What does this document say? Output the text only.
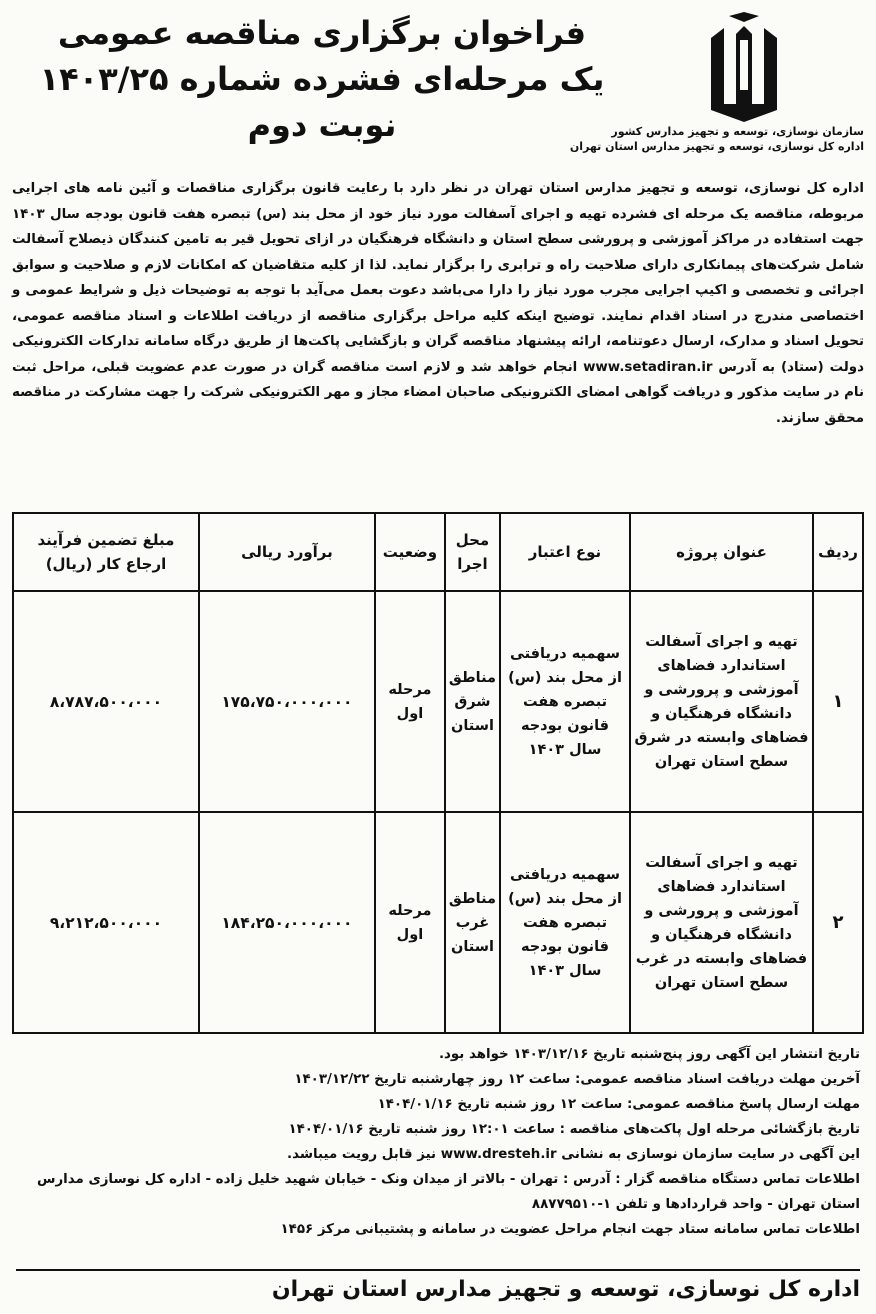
فراخوان برگزاری مناقصه عمومی
یک مرحله‌ای فشرده شماره ۱۴۰۳/۲۵
نوبت دوم	سازمان نوسازی، توسعه و تجهیز مدارس کشور
اداره کل نوسازی، توسعه و تجهیز مدارس استان تهران
اداره کل نوسازی، توسعه و تجهیز مدارس استان تهران در نظر دارد با رعایت قانون برگزاری مناقصات و آئین نامه های اجرایی مربوطه، مناقصه یک مرحله ای فشرده تهیه و اجرای آسفالت مورد نیاز خود از محل بند (س) تبصره هفت قانون بودجه سال ۱۴۰۳ جهت استفاده در مراکز آموزشی و پرورشی سطح استان و دانشگاه فرهنگیان در ازای تحویل قیر به تامین کنندگان ذیصلاح آسفالت شامل شرکت‌های پیمانکاری دارای صلاحیت راه و ترابری را برگزار نماید. لذا از کلیه متقاضیان که امکانات لازم و صلاحیت و سوابق اجرائی و تخصصی و اکیپ اجرایی مجرب مورد نیاز را دارا می‌باشد دعوت بعمل می‌آید با توجه به توضیحات ذیل و شرایط عمومی و اختصاصی مندرج در اسناد اقدام نمایند. توضیح اینکه کلیه مراحل برگزاری مناقصه از دریافت اطلاعات و اسناد مناقصه عمومی، تحویل اسناد و مدارک، ارسال دعوتنامه، ارائه پیشنهاد مناقصه گران و بازگشایی پاکت‌ها از طریق درگاه سامانه تدارکات الکترونیکی دولت (ستاد) به آدرس www.setadiran.ir انجام خواهد شد و لازم است مناقصه گران در صورت عدم عضویت قبلی، مراحل ثبت نام در سایت مذکور و دریافت گواهی امضای الکترونیکی صاحبان امضاء مجاز و مهر الکترونیکی شرکت را جهت مشارکت در مناقصه محقق سازند.
ردیف	عنوان پروژه	نوع اعتبار	محل اجرا	وضعیت	برآورد ریالی	مبلغ تضمین فرآیند ارجاع کار (ریال)
۱	تهیه و اجرای آسفالت استاندارد فضاهای آموزشی و پرورشی و دانشگاه فرهنگیان و فضاهای وابسته در شرق سطح استان تهران	سهمیه دریافتی از محل بند (س) تبصره هفت قانون بودجه سال ۱۴۰۳	مناطق شرق استان	مرحله اول	۱۷۵،۷۵۰،۰۰۰،۰۰۰	۸،۷۸۷،۵۰۰،۰۰۰
۲	تهیه و اجرای آسفالت استاندارد فضاهای آموزشی و پرورشی و دانشگاه فرهنگیان و فضاهای وابسته در غرب سطح استان تهران	سهمیه دریافتی از محل بند (س) تبصره هفت قانون بودجه سال ۱۴۰۳	مناطق غرب استان	مرحله اول	۱۸۴،۲۵۰،۰۰۰،۰۰۰	۹،۲۱۲،۵۰۰،۰۰۰

تاریخ انتشار این آگهی روز پنج‌شنبه تاریخ ۱۴۰۳/۱۲/۱۶ خواهد بود.

آخرین مهلت دریافت اسناد مناقصه عمومی: ساعت ۱۲ روز چهارشنبه تاریخ ۱۴۰۳/۱۲/۲۲

مهلت ارسال پاسخ مناقصه عمومی: ساعت ۱۲ روز شنبه تاریخ ۱۴۰۴/۰۱/۱۶

تاریخ بازگشائی مرحله اول پاکت‌های مناقصه : ساعت ۱۲:۰۱ روز شنبه تاریخ ۱۴۰۴/۰۱/۱۶

این آگهی در سایت سازمان نوسازی به نشانی www.dresteh.ir نیز قابل رویت میباشد.

اطلاعات تماس دستگاه مناقصه گزار : آدرس : تهران - بالاتر از میدان ونک - خیابان شهید خلیل زاده - اداره کل نوسازی مدارس استان تهران - واحد قراردادها و تلفن ۱-۸۸۷۷۹۵۱۰

اطلاعات تماس سامانه ستاد جهت انجام مراحل عضویت در سامانه و پشتیبانی مرکز ۱۴۵۶

اداره کل نوسازی، توسعه و تجهیز مدارس استان تهران
